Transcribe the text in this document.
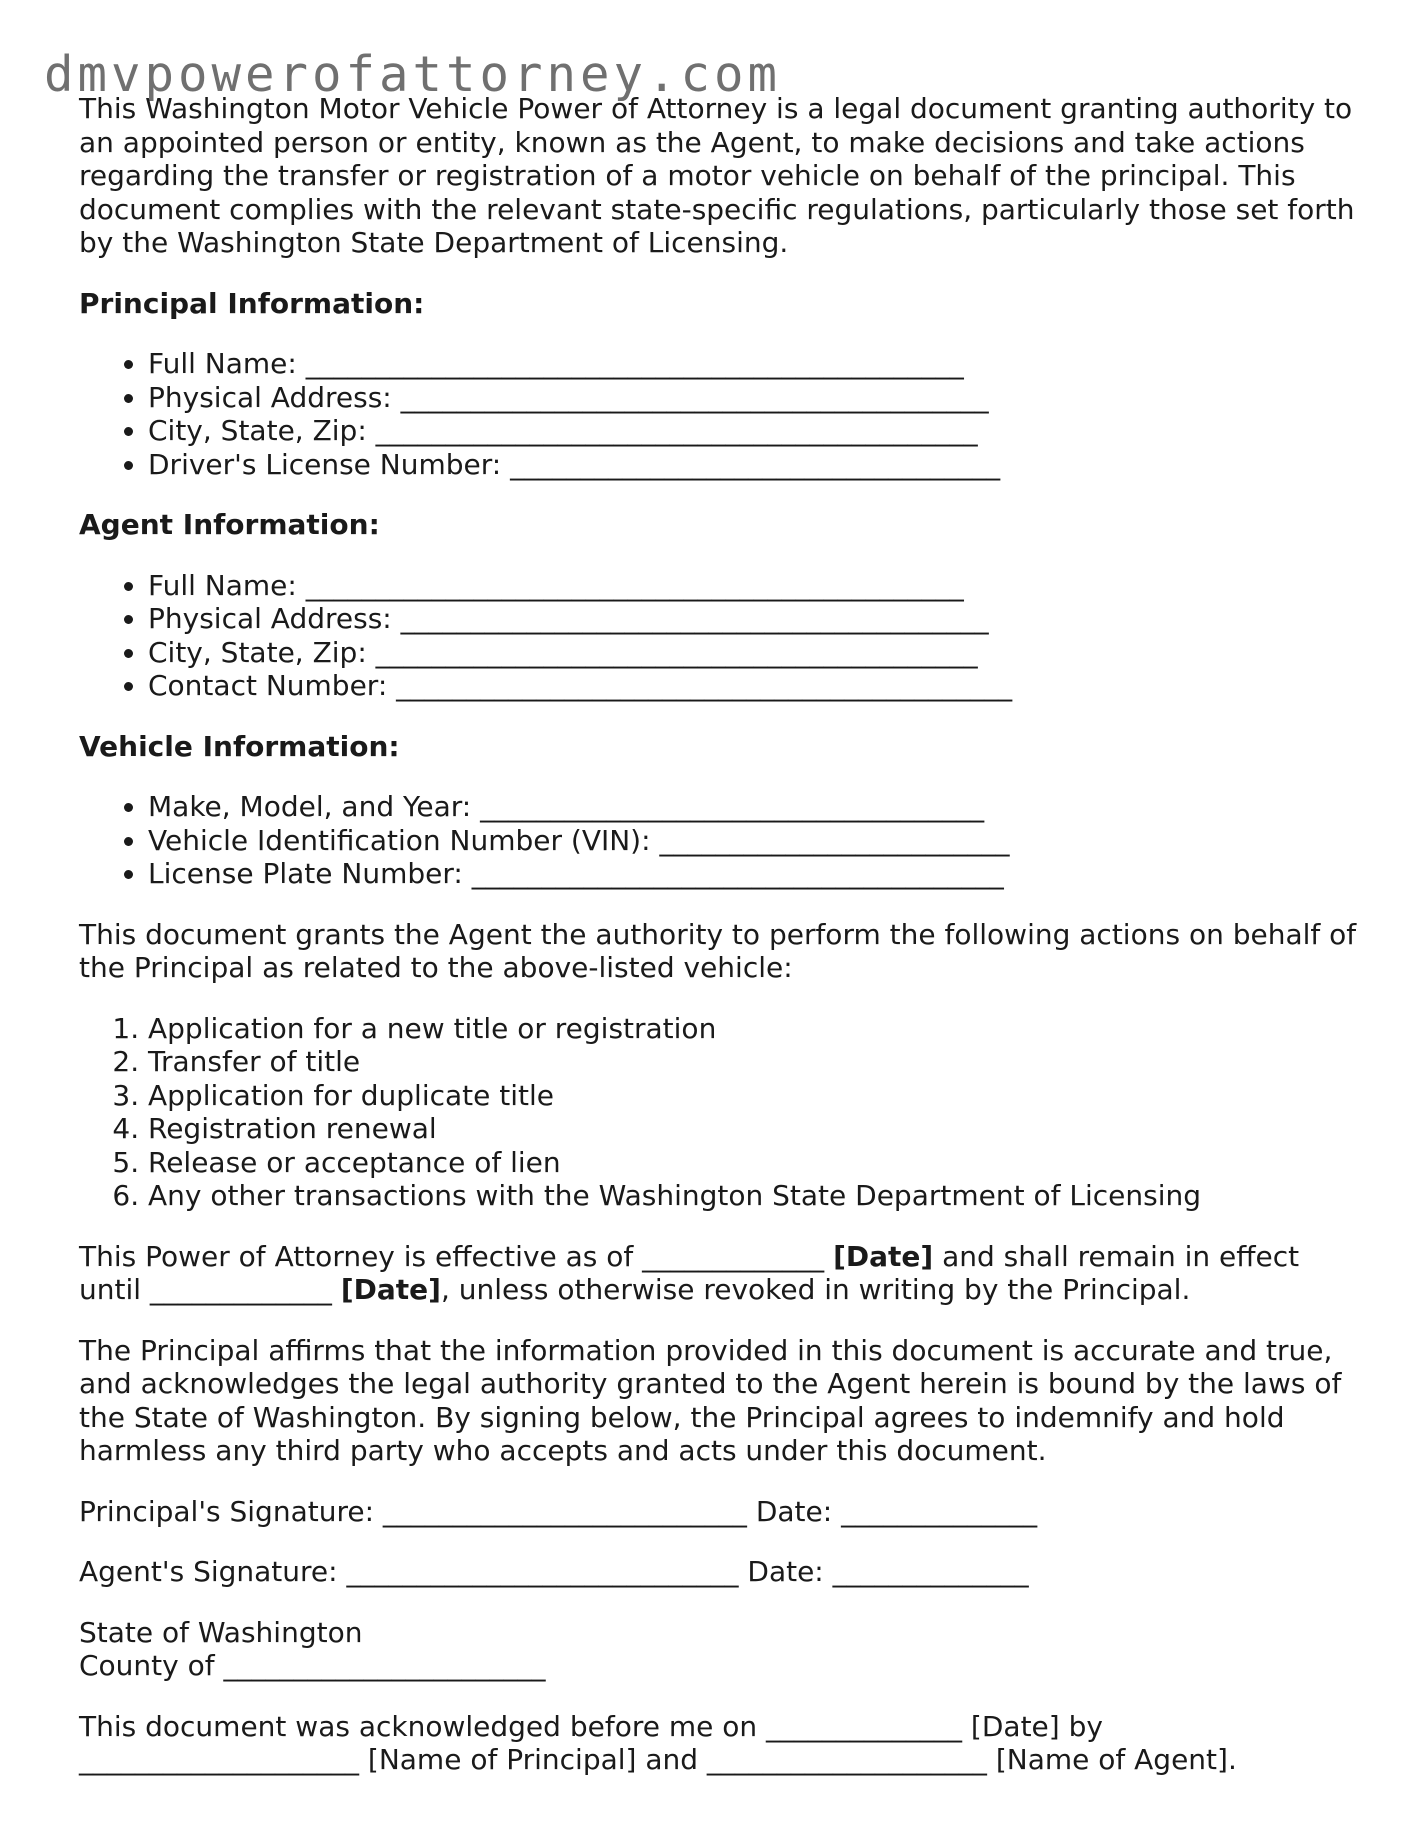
dmvpowerofattorney.com

This Washington Motor Vehicle Power of Attorney is a legal document granting authority to an appointed person or entity, known as the Agent, to make decisions and take actions regarding the transfer or registration of a motor vehicle on behalf of the principal. This document complies with the relevant state-specific regulations, particularly those set forth by the Washington State Department of Licensing.

Principal Information:

• Full Name: _______________________________________________
• Physical Address: __________________________________________
• City, State, Zip: ___________________________________________
• Driver's License Number: ___________________________________

Agent Information:

• Full Name: _______________________________________________
• Physical Address: __________________________________________
• City, State, Zip: ___________________________________________
• Contact Number: ____________________________________________

Vehicle Information:

• Make, Model, and Year: ____________________________________
• Vehicle Identification Number (VIN): _________________________
• License Plate Number: ______________________________________

This document grants the Agent the authority to perform the following actions on behalf of the Principal as related to the above-listed vehicle:

1. Application for a new title or registration
2. Transfer of title
3. Application for duplicate title
4. Registration renewal
5. Release or acceptance of lien
6. Any other transactions with the Washington State Department of Licensing

This Power of Attorney is effective as of _____________ [Date] and shall remain in effect until _____________ [Date], unless otherwise revoked in writing by the Principal.

The Principal affirms that the information provided in this document is accurate and true, and acknowledges the legal authority granted to the Agent herein is bound by the laws of the State of Washington. By signing below, the Principal agrees to indemnify and hold harmless any third party who accepts and acts under this document.

Principal's Signature: __________________________ Date: ______________

Agent's Signature: ____________________________ Date: ______________

State of Washington

County of _______________________

This document was acknowledged before me on ______________ [Date] by ____________________ [Name of Principal] and ____________________ [Name of Agent].
